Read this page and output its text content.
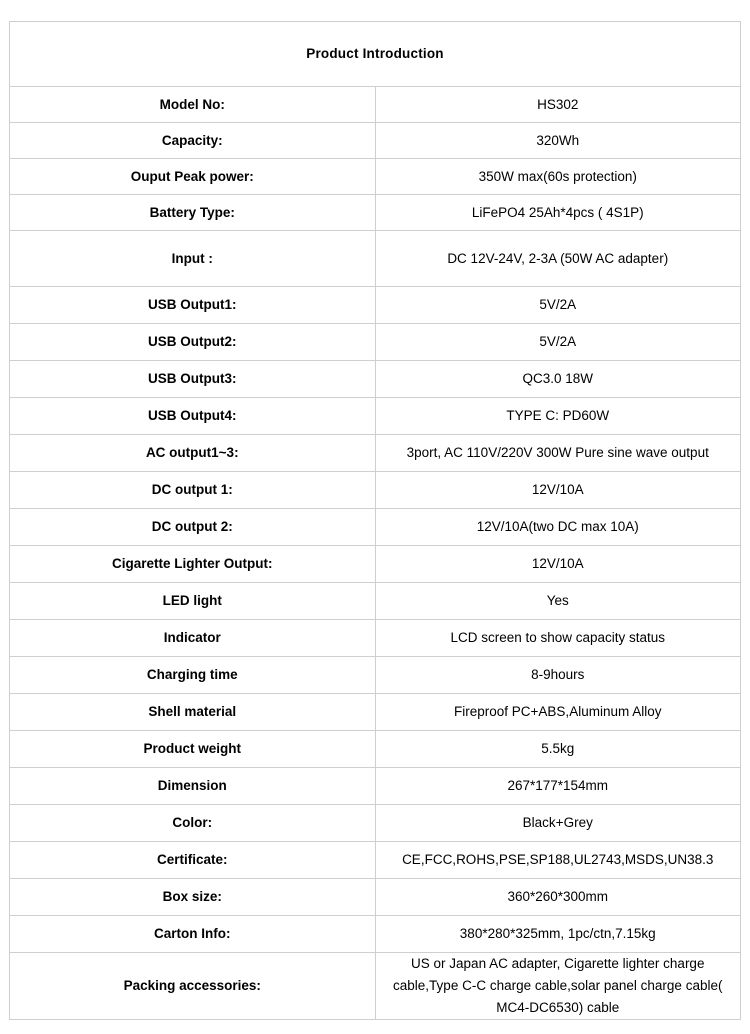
Product Introduction	
Model No:	HS302
Capacity:	320Wh
Ouput Peak power:	350W max(60s protection)
Battery Type:	LiFePO4 25Ah*4pcs ( 4S1P)
Input :	DC 12V-24V, 2-3A (50W AC adapter)
USB Output1:	5V/2A
USB Output2:	5V/2A
USB Output3:	QC3.0 18W
USB Output4:	TYPE C: PD60W
AC output1~3:	3port, AC 110V/220V 300W Pure sine wave output
DC output 1:	12V/10A
DC output 2:	12V/10A(two DC max 10A)
Cigarette Lighter Output:	12V/10A
LED light	Yes
Indicator	LCD screen to show capacity status
Charging time	8-9hours
Shell material	Fireproof PC+ABS,Aluminum Alloy
Product weight	5.5kg
Dimension	267*177*154mm
Color:	Black+Grey
Certificate:	CE,FCC,ROHS,PSE,SP188,UL2743,MSDS,UN38.3
Box size:	360*260*300mm
Carton Info:	380*280*325mm, 1pc/ctn,7.15kg
Packing accessories:	US or Japan AC adapter, Cigarette lighter charge cable,Type C-C charge cable,solar panel charge cable( MC4-DC6530) cable
